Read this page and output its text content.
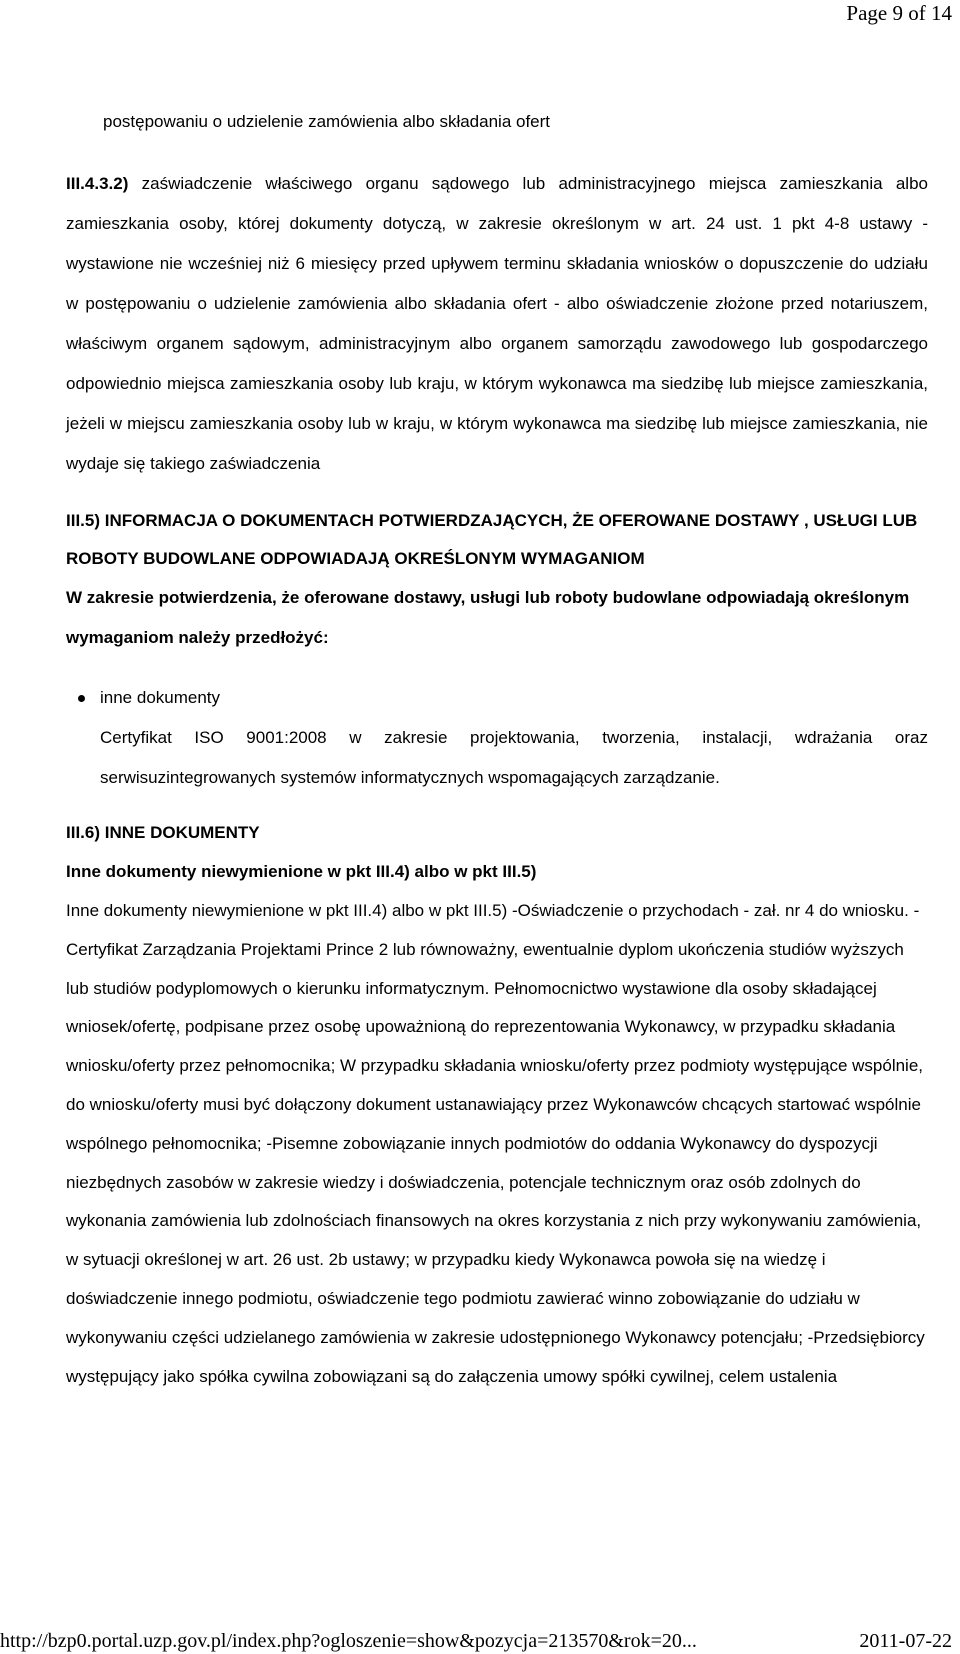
Page 9 of 14

postępowaniu o udzielenie zamówienia albo składania ofert

III.4.3.2) zaświadczenie właściwego organu sądowego lub administracyjnego miejsca zamieszkania albo zamieszkania osoby, której dokumenty dotyczą, w zakresie określonym w art. 24 ust. 1 pkt 4-8 ustawy - wystawione nie wcześniej niż 6 miesięcy przed upływem terminu składania wniosków o dopuszczenie do udziału w postępowaniu o udzielenie zamówienia albo składania ofert - albo oświadczenie złożone przed notariuszem, właściwym organem sądowym, administracyjnym albo organem samorządu zawodowego lub gospodarczego odpowiednio miejsca zamieszkania osoby lub kraju, w którym wykonawca ma siedzibę lub miejsce zamieszkania, jeżeli w miejscu zamieszkania osoby lub w kraju, w którym wykonawca ma siedzibę lub miejsce zamieszkania, nie wydaje się takiego zaświadczenia

III.5) INFORMACJA O DOKUMENTACH POTWIERDZAJĄCYCH, ŻE OFEROWANE DOSTAWY , USŁUGI LUB ROBOTY BUDOWLANE ODPOWIADAJĄ OKREŚLONYM WYMAGANIOM

W zakresie potwierdzenia, że oferowane dostawy, usługi lub roboty budowlane odpowiadają określonym wymaganiom należy przedłożyć:

inne dokumenty

Certyfikat ISO 9001:2008 w zakresie projektowania, tworzenia, instalacji, wdrażania oraz serwisuzintegrowanych systemów informatycznych wspomagających zarządzanie.

III.6) INNE DOKUMENTY

Inne dokumenty niewymienione w pkt III.4) albo w pkt III.5)

Inne dokumenty niewymienione w pkt III.4) albo w pkt III.5) -Oświadczenie o przychodach - zał. nr 4 do wniosku. -Certyfikat Zarządzania Projektami Prince 2 lub równoważny, ewentualnie dyplom ukończenia studiów wyższych lub studiów podyplomowych o kierunku informatycznym. Pełnomocnictwo wystawione dla osoby składającej wniosek/ofertę, podpisane przez osobę upoważnioną do reprezentowania Wykonawcy, w przypadku składania wniosku/oferty przez pełnomocnika; W przypadku składania wniosku/oferty przez podmioty występujące wspólnie, do wniosku/oferty musi być dołączony dokument ustanawiający przez Wykonawców chcących startować wspólnie wspólnego pełnomocnika; -Pisemne zobowiązanie innych podmiotów do oddania Wykonawcy do dyspozycji niezbędnych zasobów w zakresie wiedzy i doświadczenia, potencjale technicznym oraz osób zdolnych do wykonania zamówienia lub zdolnościach finansowych na okres korzystania z nich przy wykonywaniu zamówienia, w sytuacji określonej w art. 26 ust. 2b ustawy; w przypadku kiedy Wykonawca powoła się na wiedzę i doświadczenie innego podmiotu, oświadczenie tego podmiotu zawierać winno zobowiązanie do udziału w wykonywaniu części udzielanego zamówienia w zakresie udostępnionego Wykonawcy potencjału; -Przedsiębiorcy występujący jako spółka cywilna zobowiązani są do załączenia umowy spółki cywilnej, celem ustalenia

http://bzp0.portal.uzp.gov.pl/index.php?ogloszenie=show&pozycja=213570&rok=20...	2011-07-22
